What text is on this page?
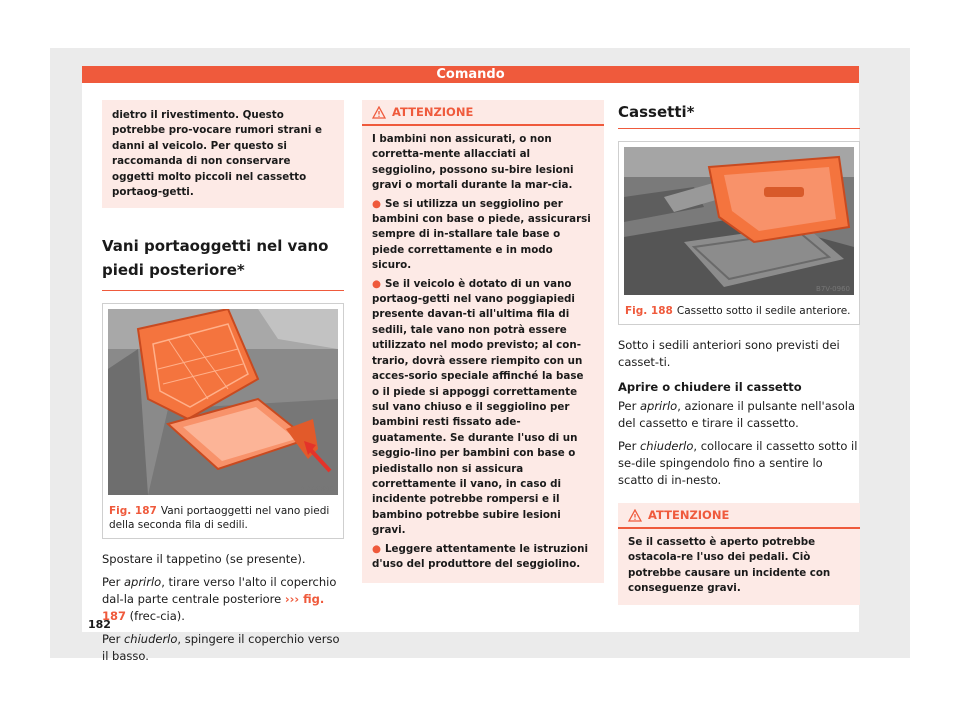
Comando
dietro il rivestimento. Questo potrebbe pro-vocare rumori strani e danni al veicolo. Per questo si raccomanda di non conservare oggetti molto piccoli nel cassetto portaog-getti.
Vani portaoggetti nel vano piedi posteriore*
B7V-0899
Fig. 187 Vani portaoggetti nel vano piedi della seconda fila di sedili.

Spostare il tappetino (se presente).

Per aprirlo, tirare verso l'alto il coperchio dal-la parte centrale posteriore ››› fig. 187 (frec-cia).

Per chiuderlo, spingere il coperchio verso il basso.

ATTENZIONE

I bambini non assicurati, o non corretta-mente allacciati al seggiolino, possono su-bire lesioni gravi o mortali durante la mar-cia.

● Se si utilizza un seggiolino per bambini con base o piede, assicurarsi sempre di in-stallare tale base o piede correttamente e in modo sicuro.

● Se il veicolo è dotato di un vano portaog-getti nel vano poggiapiedi presente davan-ti all'ultima fila di sedili, tale vano non potrà essere utilizzato nel modo previsto; al con-trario, dovrà essere riempito con un acces-sorio speciale affinché la base o il piede si appoggi correttamente sul vano chiuso e il seggiolino per bambini resti fissato ade-guatamente. Se durante l'uso di un seggio-lino per bambini con base o piedistallo non si assicura correttamente il vano, in caso di incidente potrebbe rompersi e il bambino potrebbe subire lesioni gravi.

● Leggere attentamente le istruzioni d'uso del produttore del seggiolino.

Cassetti*
B7V-0960
Fig. 188 Cassetto sotto il sedile anteriore.

Sotto i sedili anteriori sono previsti dei casset-ti.

Aprire o chiudere il cassetto

Per aprirlo, azionare il pulsante nell'asola del cassetto e tirare il cassetto.

Per chiuderlo, collocare il cassetto sotto il se-dile spingendolo fino a sentire lo scatto di in-nesto.

ATTENZIONE
Se il cassetto è aperto potrebbe ostacola-re l'uso dei pedali. Ciò potrebbe causare un incidente con conseguenze gravi.
182
